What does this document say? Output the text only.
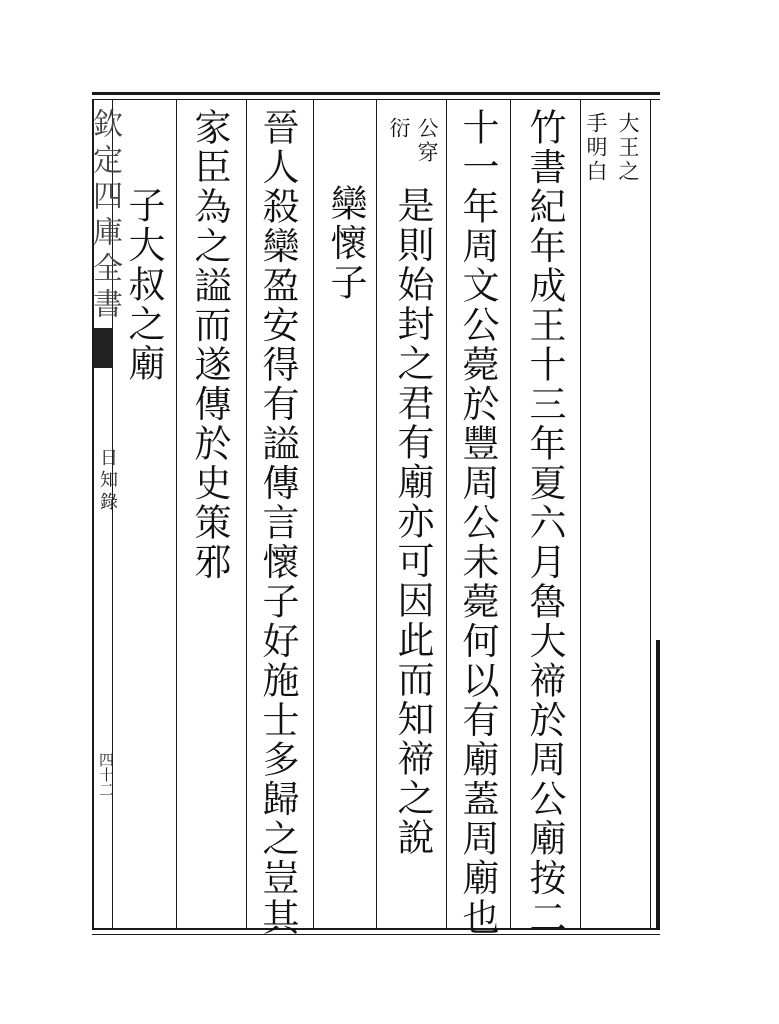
欽定四庫全書
日知錄
四十二
大王之
手明白
竹書紀年成王十三年夏六月魯大禘於周公廟按二
十一年周文公薨於豐周公未薨何以有廟蓋周廟也
公穿
衍
是則始封之君有廟亦可因此而知禘之說
欒懷子
晉人殺欒盈安得有謚傳言懷子好施士多歸之豈其
家臣為之謚而遂傳於史策邪
子大叔之廟
